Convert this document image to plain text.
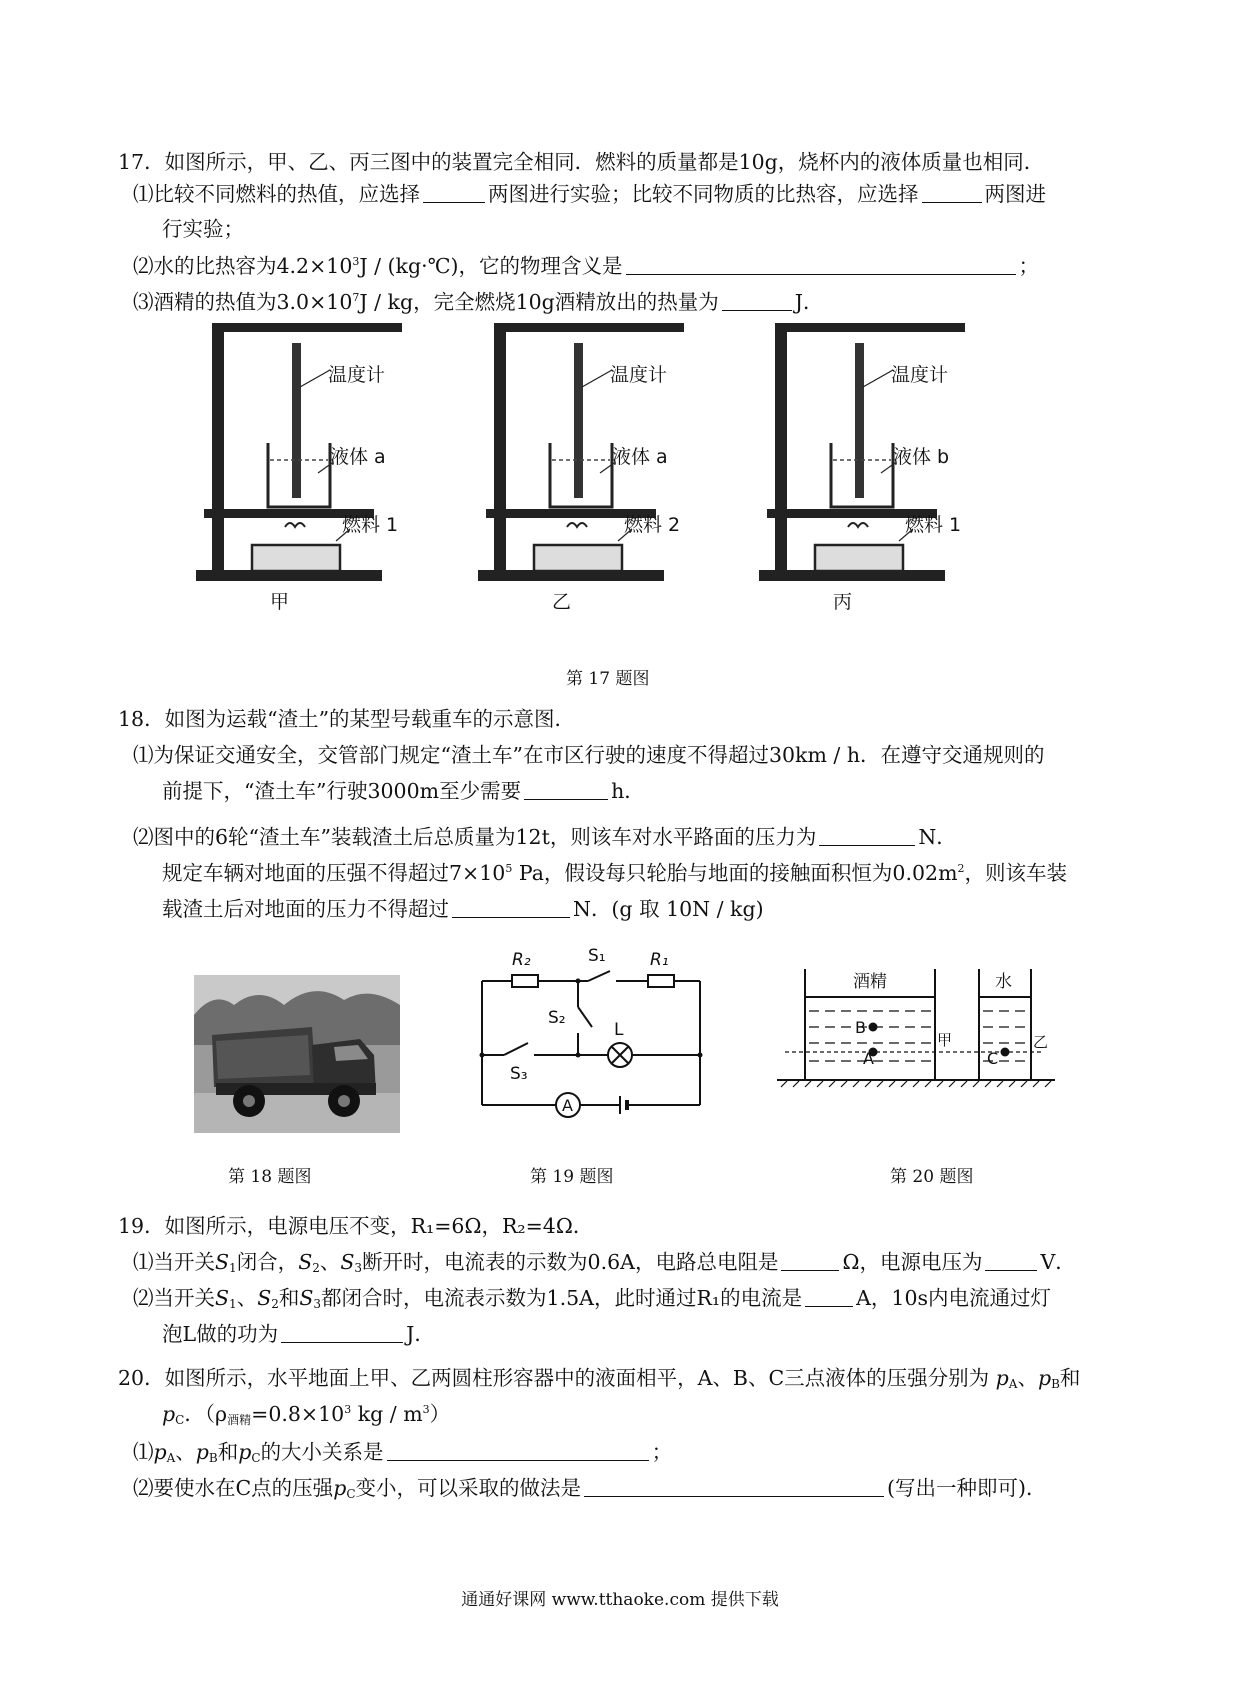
17．如图所示，甲、乙、丙三图中的装置完全相同．燃料的质量都是10g，烧杯内的液体质量也相同．
⑴比较不同燃料的热值，应选择	两图进行实验；比较不同物质的比热容，应选择	两图进
行实验；
⑵水的比热容为$4.2\times 10^3J$ / (kg·℃)，它的物理含义是	；
⑶酒精的热值为$3.0\times 10^7J$ / kg，完全燃烧10g酒精放出的热量为	J．
温度计
液体 a
燃料 1
甲
温度计
液体 a
燃料 2
乙
温度计
液体 b
燃料 1
丙
第 17 题图
18．如图为运载“渣土”的某型号载重车的示意图．
⑴为保证交通安全，交管部门规定“渣土车”在市区行驶的速度不得超过30km / h．在遵守交通规则的
前提下，“渣土车”行驶3000m至少需要	h．
⑵图中的6轮“渣土车”装载渣土后总质量为12t，则该车对水平路面的压力为	N．
规定车辆对地面的压强不得超过$7\times 10^5$ Pa，假设每只轮胎与地面的接触面积恒为$0.02m^2$，则该车装
载渣土后对地面的压力不得超过	N．(g 取 10N / kg)
第 18 题图
R₂	S₁	R₁
S₂
L
S₃
A
第 19 题图
酒精	水
B
A	C
甲	乙
第 20 题图
19．如图所示，电源电压不变，R₁=6Ω，R₂=4Ω．
⑴当开关$S_1$闭合，$S_2$、$S_3$断开时，电流表的示数为0.6A，电路总电阻是	Ω，电源电压为	V．
⑵当开关$S_1$、$S_2$和$S_3$都闭合时，电流表示数为1.5A，此时通过R₁的电流是	A，10s内电流通过灯
泡L做的功为	J．
20．如图所示，水平地面上甲、乙两圆柱形容器中的液面相平，A、B、C三点液体的压强分别为 $p_A$、$p_B$和
$p_C$．（$\rho_{酒精}=0.8\times 10^3$ kg / $m^3$）
$⑴p_A$、$p_B$和$p_C$的大小关系是	；
⑵要使水在C点的压强$p_C$变小，可以采取的做法是	(写出一种即可)．
通通好课网 www.tthaoke.com 提供下载
